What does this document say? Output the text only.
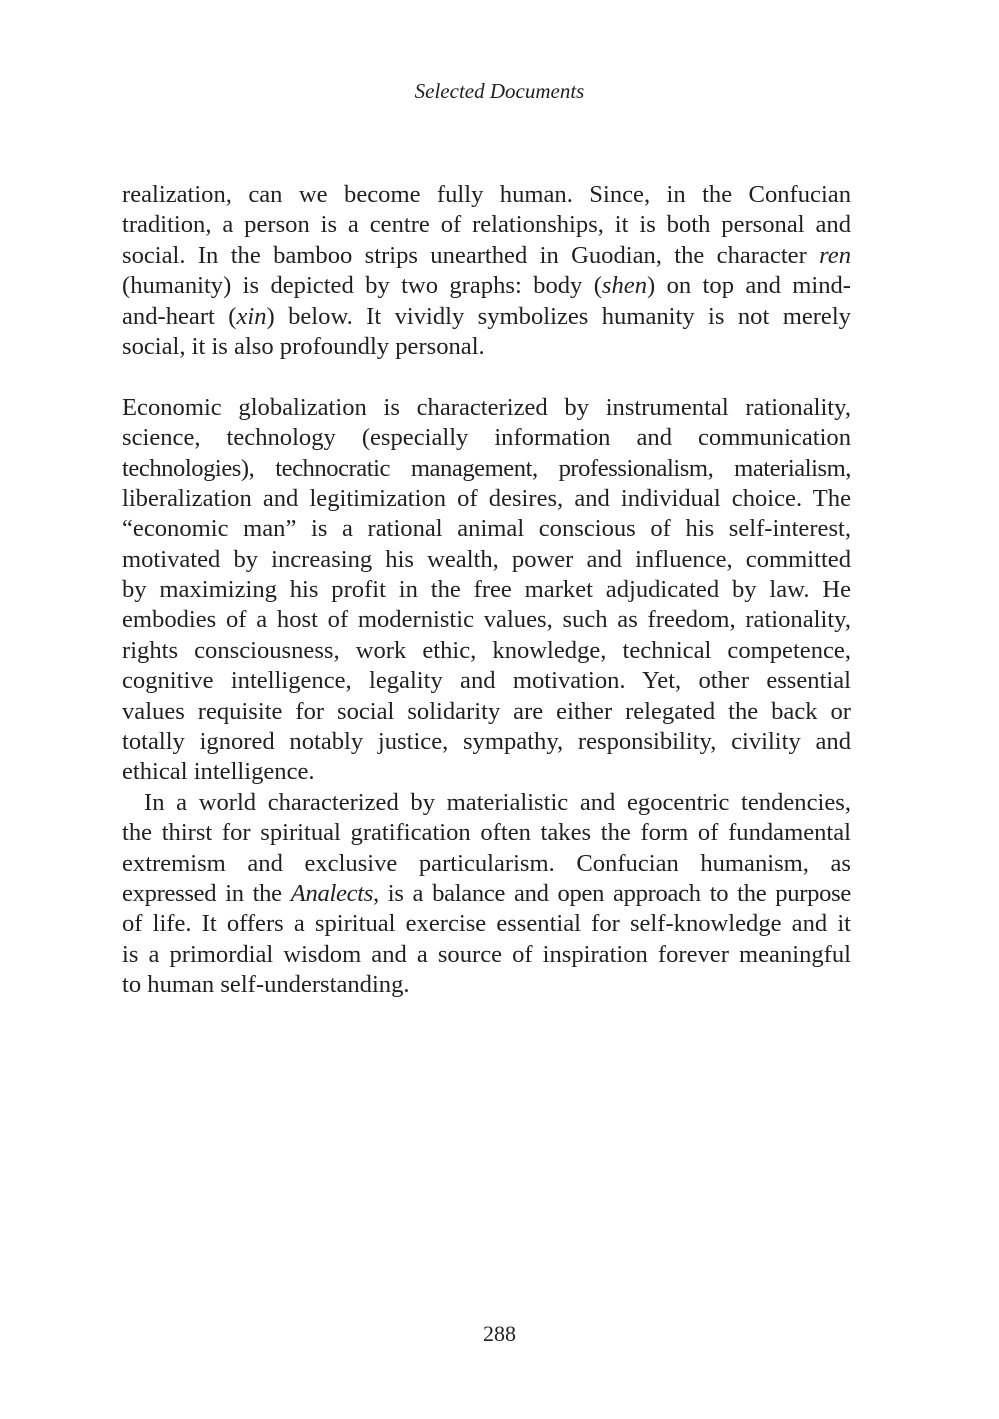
Selected Documents
realization, can we become fully human. Since, in the Confucian
tradition, a person is a centre of relationships, it is both personal and
social. In the bamboo strips unearthed in Guodian, the character ren
(humanity) is depicted by two graphs: body (shen) on top and mind-
and-heart (xin) below. It vividly symbolizes humanity is not merely
social, it is also profoundly personal.
Economic globalization is characterized by instrumental rationality,
science, technology (especially information and communication
technologies), technocratic management, professionalism, materialism,
liberalization and legitimization of desires, and individual choice. The
“economic man” is a rational animal conscious of his self-interest,
motivated by increasing his wealth, power and influence, committed
by maximizing his profit in the free market adjudicated by law. He
embodies of a host of modernistic values, such as freedom, rationality,
rights consciousness, work ethic, knowledge, technical competence,
cognitive intelligence, legality and motivation. Yet, other essential
values requisite for social solidarity are either relegated the back or
totally ignored notably justice, sympathy, responsibility, civility and
ethical intelligence.
In a world characterized by materialistic and egocentric tendencies,
the thirst for spiritual gratification often takes the form of fundamental
extremism and exclusive particularism. Confucian humanism, as
expressed in the Analects, is a balance and open approach to the purpose
of life. It offers a spiritual exercise essential for self-knowledge and it
is a primordial wisdom and a source of inspiration forever meaningful
to human self-understanding.
288
